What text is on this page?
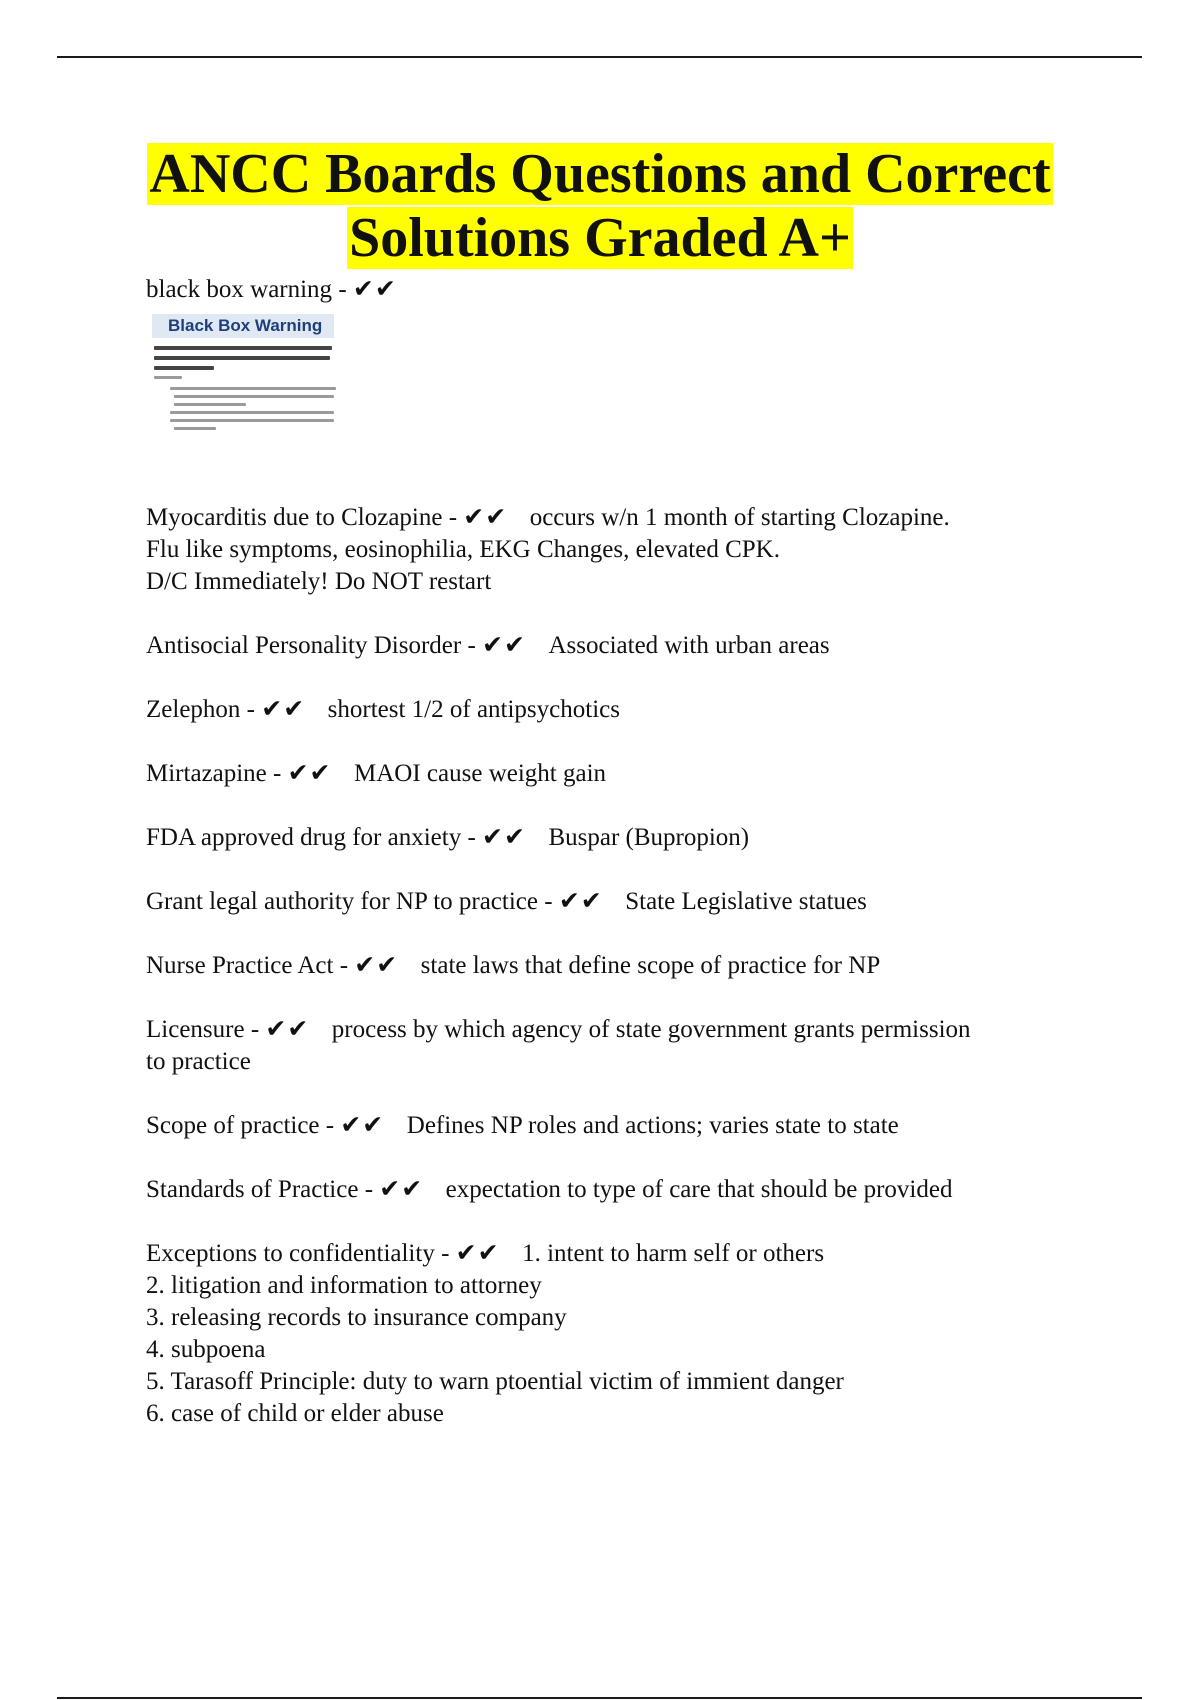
ANCC Boards Questions and Correct
Solutions Graded A+

black box warning - ✔✔

Black Box Warning

Myocarditis due to Clozapine - ✔✔ occurs w/n 1 month of starting Clozapine.

Flu like symptoms, eosinophilia, EKG Changes, elevated CPK.

D/C Immediately! Do NOT restart

Antisocial Personality Disorder - ✔✔ Associated with urban areas

Zelephon - ✔✔ shortest 1/2 of antipsychotics

Mirtazapine - ✔✔ MAOI cause weight gain

FDA approved drug for anxiety - ✔✔ Buspar (Bupropion)

Grant legal authority for NP to practice - ✔✔ State Legislative statues

Nurse Practice Act - ✔✔ state laws that define scope of practice for NP

Licensure - ✔✔ process by which agency of state government grants permission

to practice

Scope of practice - ✔✔ Defines NP roles and actions; varies state to state

Standards of Practice - ✔✔ expectation to type of care that should be provided

Exceptions to confidentiality - ✔✔ 1. intent to harm self or others

2. litigation and information to attorney

3. releasing records to insurance company

4. subpoena

5. Tarasoff Principle: duty to warn ptoential victim of immient danger

6. case of child or elder abuse
